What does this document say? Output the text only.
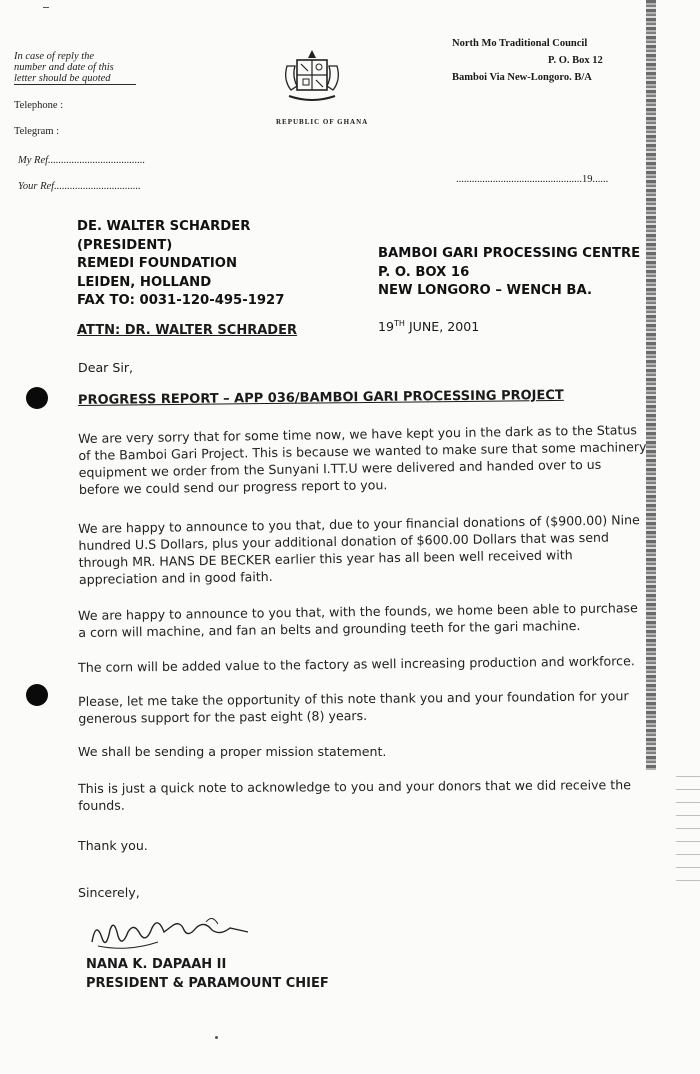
In case of reply the
number and date of this
letter should be quoted
Telephone :
Telegram :
My Ref.....................................
Your Ref.................................
REPUBLIC OF GHANA
North Mo Traditional Council
P. O. Box 12
Bamboi Via New-Longoro. B/A
................................................19......
DE. WALTER SCHARDER
(PRESIDENT)
REMEDI FOUNDATION
LEIDEN, HOLLAND
FAX TO: 0031-120-495-1927
BAMBOI GARI PROCESSING CENTRE
P. O. BOX 16
NEW LONGORO – WENCH BA.
ATTN: DR. WALTER SCHRADER	19TH JUNE, 2001
Dear Sir,
PROGRESS REPORT – APP 036/BAMBOI GARI PROCESSING PROJECT
We are very sorry that for some time now, we have kept you in the dark as to the Status
of the Bamboi Gari Project. This is because we wanted to make sure that some machinery
equipment we order from the Sunyani I.TT.U were delivered and handed over to us
before we could send our progress report to you.
We are happy to announce to you that, due to your financial donations of ($900.00) Nine
hundred U.S Dollars, plus your additional donation of $600.00 Dollars that was send
through MR. HANS DE BECKER earlier this year has all been well received with
appreciation and in good faith.
We are happy to announce to you that, with the founds, we home been able to purchase
a corn will machine, and fan an belts and grounding teeth for the gari machine.
The corn will be added value to the factory as well increasing production and workforce.
Please, let me take the opportunity of this note thank you and your foundation for your
generous support for the past eight (8) years.
We shall be sending a proper mission statement.
This is just a quick note to acknowledge to you and your donors that we did receive the
founds.
Thank you.
Sincerely,
NANA K. DAPAAH II
PRESIDENT & PARAMOUNT CHIEF
